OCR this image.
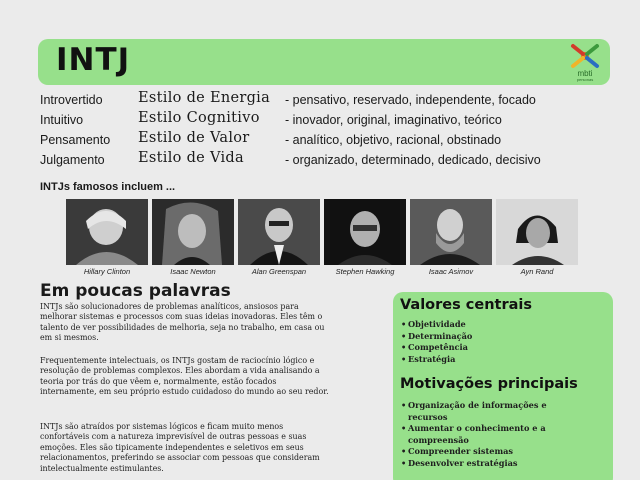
INTJ	mbti
personas
Introvertido Estilo de Energia - pensativo, reservado, independente, focado
Intuitivo	Estilo Cognitivo - inovador, original, imaginativo, teórico
Pensamento Estilo de Valor	- analítico, objetivo, racional, obstinado
Julgamento Estilo de Vida	- organizado, determinado, dedicado, decisivo
INTJs famosos incluem ...
Hillary Clinton	Isaac Newton	Alan Greenspan	Stephen Hawking	Isaac Asimov	Ayn Rand
Em poucas palavras
INTJs são solucionadores de problemas analíticos, ansiosos para
melhorar sistemas e processos com suas ideias inovadoras. Eles têm o
talento de ver possibilidades de melhoria, seja no trabalho, em casa ou
em si mesmos.
Frequentemente intelectuais, os INTJs gostam de raciocínio lógico e
resolução de problemas complexos. Eles abordam a vida analisando a
teoria por trás do que vêem e, normalmente, estão focados
internamente, em seu próprio estudo cuidadoso do mundo ao seu redor.
INTJs são atraídos por sistemas lógicos e ficam muito menos
confortáveis com a natureza imprevisível de outras pessoas e suas
emoções. Eles são tipicamente independentes e seletivos em seus
relacionamentos, preferindo se associar com pessoas que consideram
intelectualmente estimulantes.
Valores centrais
• Objetividade
• Determinação
• Competência
• Estratégia
Motivações principais
• Organização de informações e
recursos
• Aumentar o conhecimento e a
compreensão
• Compreender sistemas
• Desenvolver estratégias
